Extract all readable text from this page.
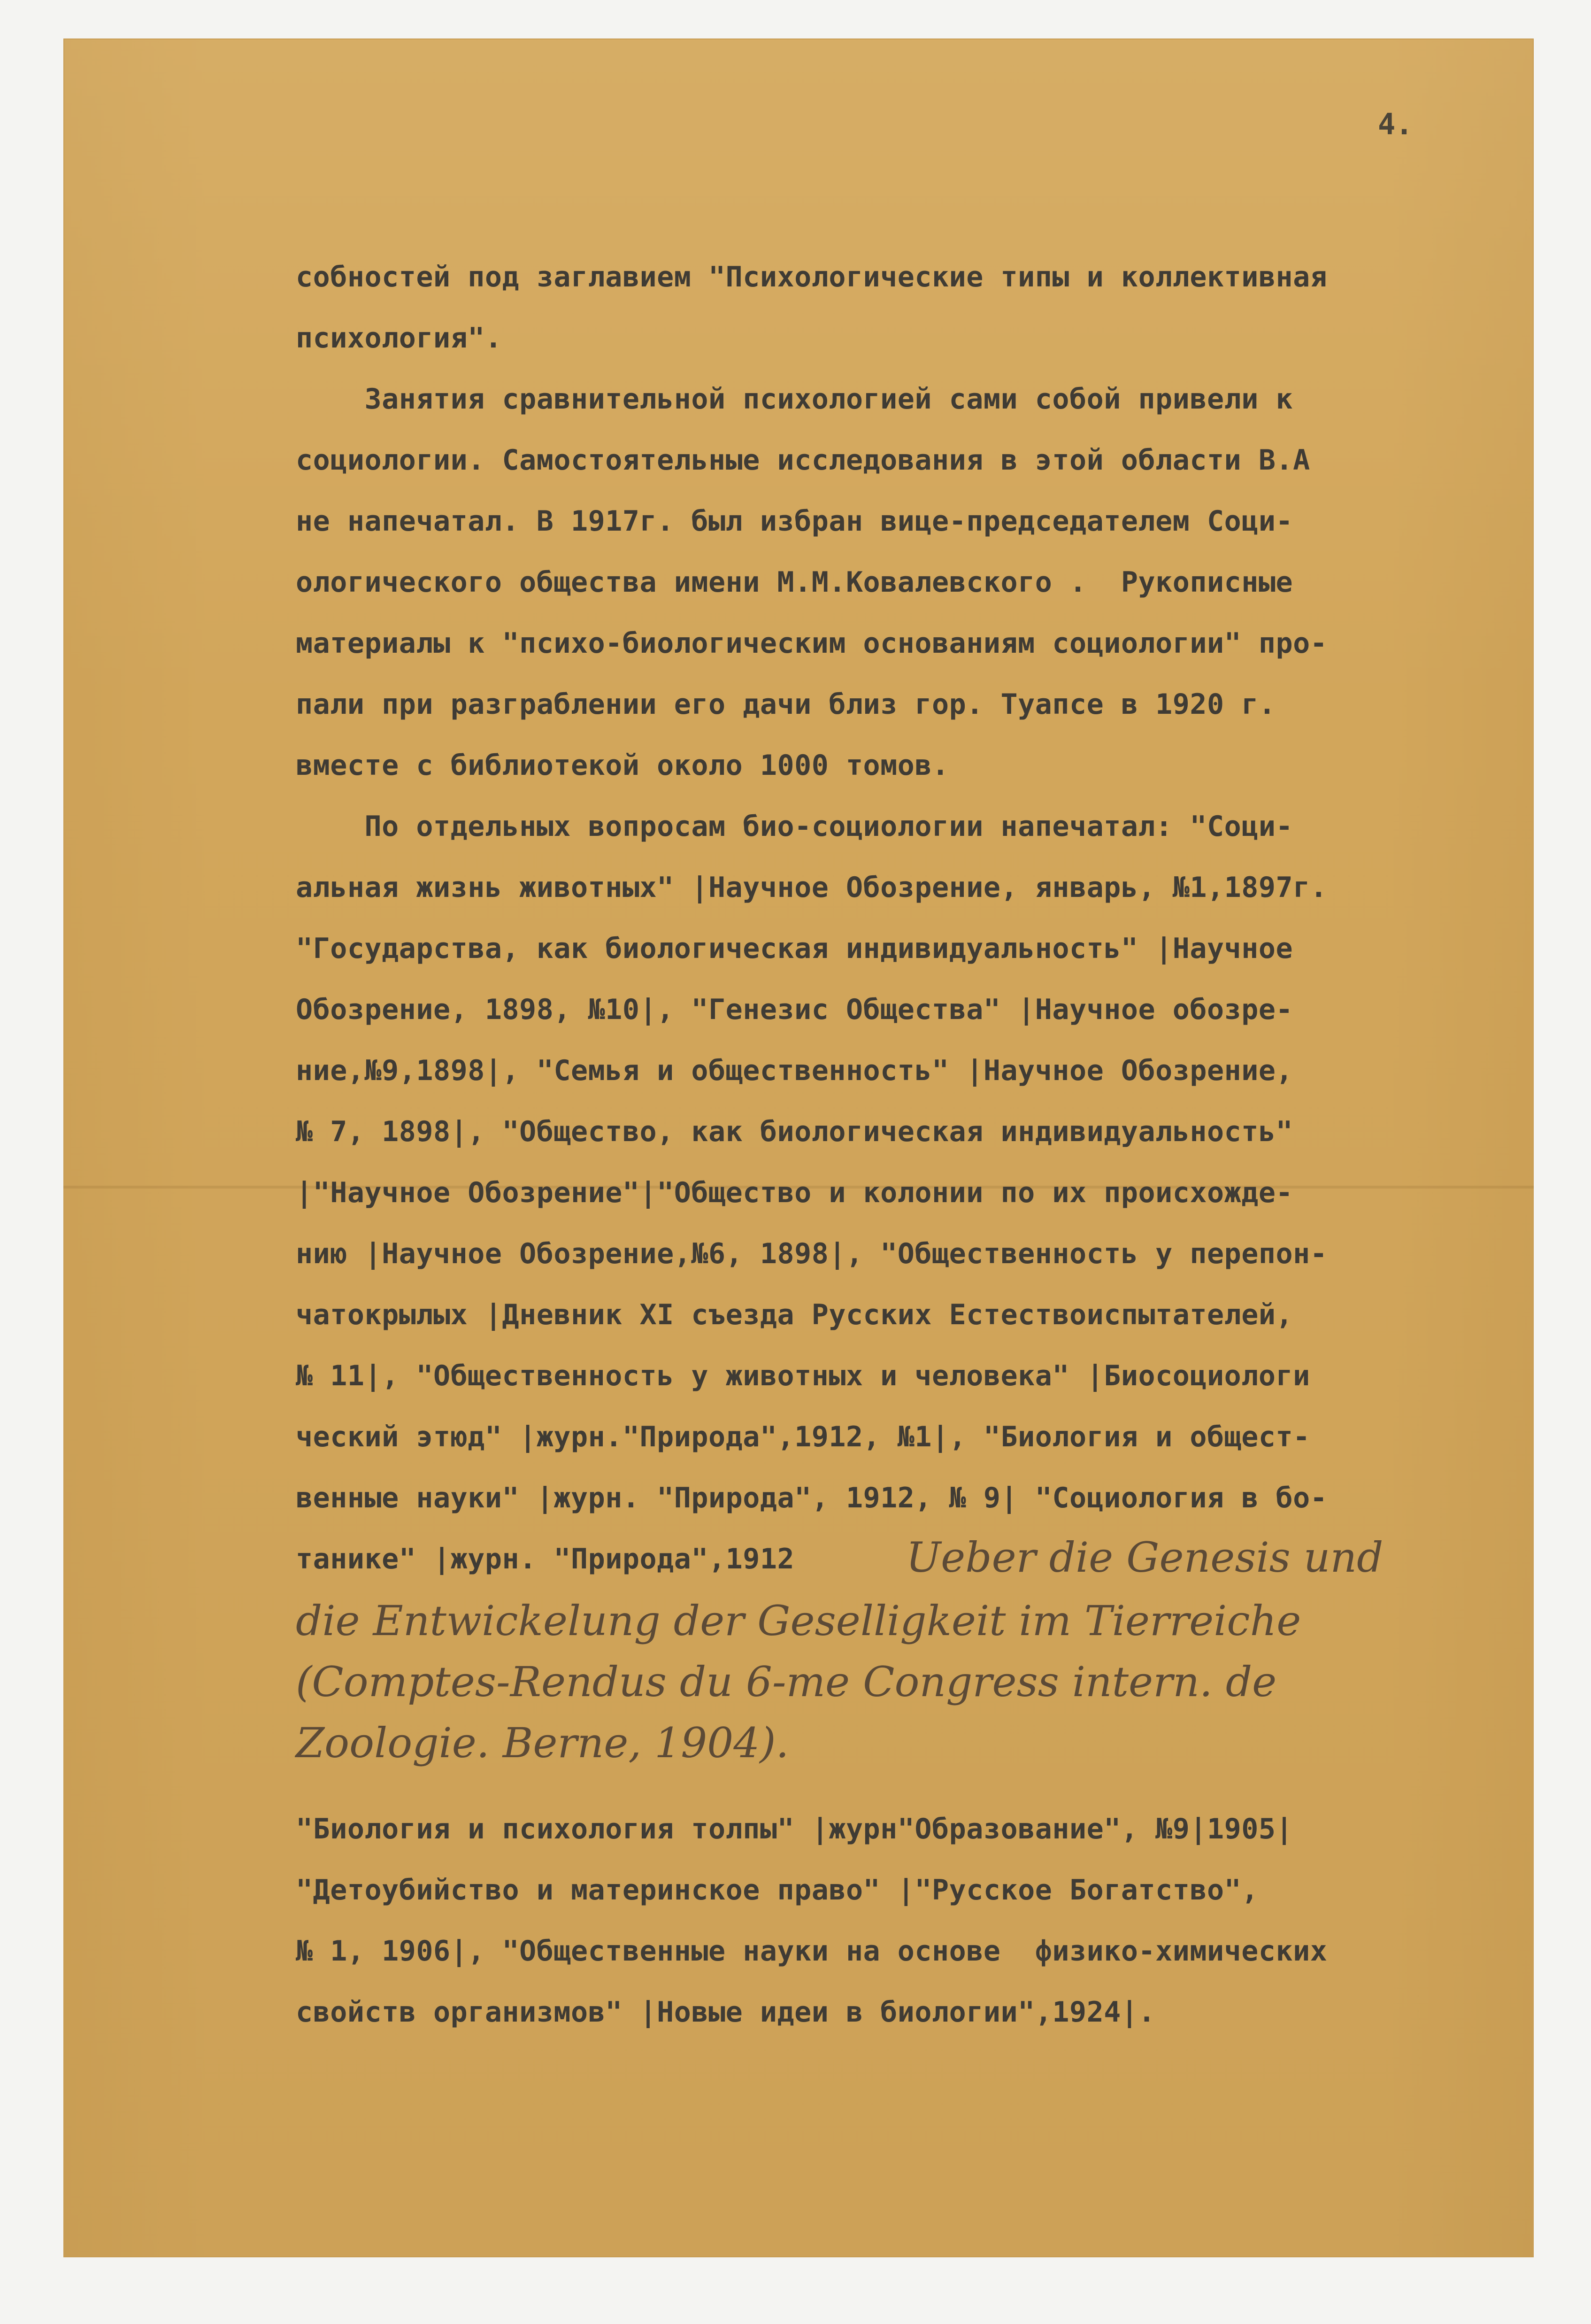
4.
собностей под заглавием "Психологические типы и коллективная
психология".
Занятия сравнительной психологией сами собой привели к
социологии. Самостоятельные исследования в этой области В.А
не напечатал. В 1917г. был избран вице-председателем Соци-
ологического общества имени М.М.Ковалевского .  Рукописные
материалы к "психо-биологическим основаниям социологии" про-
пали при разграблении его дачи близ гор. Туапсе в 1920 г.
вместе с библиотекой около 1000 томов.
По отдельных вопросам био-социологии напечатал: "Соци-
альная жизнь животных" |Научное Обозрение, январь, №1,1897г.
"Государства, как биологическая индивидуальность" |Научное
Обозрение, 1898, №10|, "Генезис Общества" |Научное обозре-
ние,№9,1898|, "Семья и общественность" |Научное Обозрение,
№ 7, 1898|, "Общество, как биологическая индивидуальность"
|"Научное Обозрение"|"Общество и колонии по их происхожде-
нию |Научное Обозрение,№6, 1898|, "Общественность у перепон-
чатокрылых |Дневник XI съезда Русских Естествоиспытателей,
№ 11|, "Общественность у животных и человека" |Биосоциологи
ческий этюд" |журн."Природа",1912, №1|, "Биология и общест-
венные науки" |журн. "Природа", 1912, № 9| "Социология в бо-
танике" |журн. "Природа",1912	Ueber die Genesis und
die Entwickelung der Geselligkeit im Tierreiche
(Comptes-Rendus du 6-me Congress intern. de
Zoologie. Berne, 1904).
"Биология и психология толпы" |журн"Образование", №9|1905|
"Детоубийство и материнское право" |"Русское Богатство",
№ 1, 1906|, "Общественные науки на основе  физико-химических
свойств организмов" |Новые идеи в биологии",1924|.
